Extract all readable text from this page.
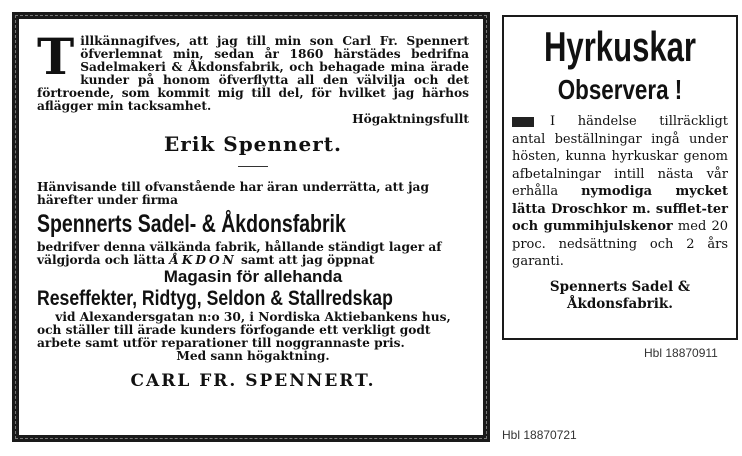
Tillkännagifves, att jag till min son Carl Fr. Spennert öfverlemnat min, sedan år 1860 härstädes bedrifna Sadelmakeri & Åkdonsfabrik, och behagade mina ärade kunder på honom öfverflytta all den välvilja och det förtroende, som kommit mig till del, för hvilket jag härhos aflägger min tacksamhet.

Högaktningsfullt
Erik Spennert.

Hänvisande till ofvanstående har äran underrätta, att jag härefter under firma

Spennerts Sadel- & Åkdonsfabrik

bedrifver denna välkända fabrik, hållande ständigt lager af välgjorda och lätta ÅKDON samt att jag öppnat

Magasin för allehanda
Reseffekter, Ridtyg, Seldon & Stallredskap

vid Alexandersgatan n:o 30, i Nordiska Aktiebankens hus,

och ställer till ärade kunders förfogande ett verkligt godt arbete samt utför reparationer till noggrannaste pris.

Med sann högaktning.
CARL FR. SPENNERT.
Hbl 18870721
Hyrkuskar
Observera !
I händelse tillräckligt antal beställningar ingå under hösten, kunna hyrkuskar genom afbetalningar intill nästa vår erhålla nymodiga mycket lätta Droschkor m. sufflet-ter och gummihjulskenor med 20 proc. nedsättning och 2 års garanti.
Spennerts Sadel & Åkdonsfabrik.
Hbl 18870911
